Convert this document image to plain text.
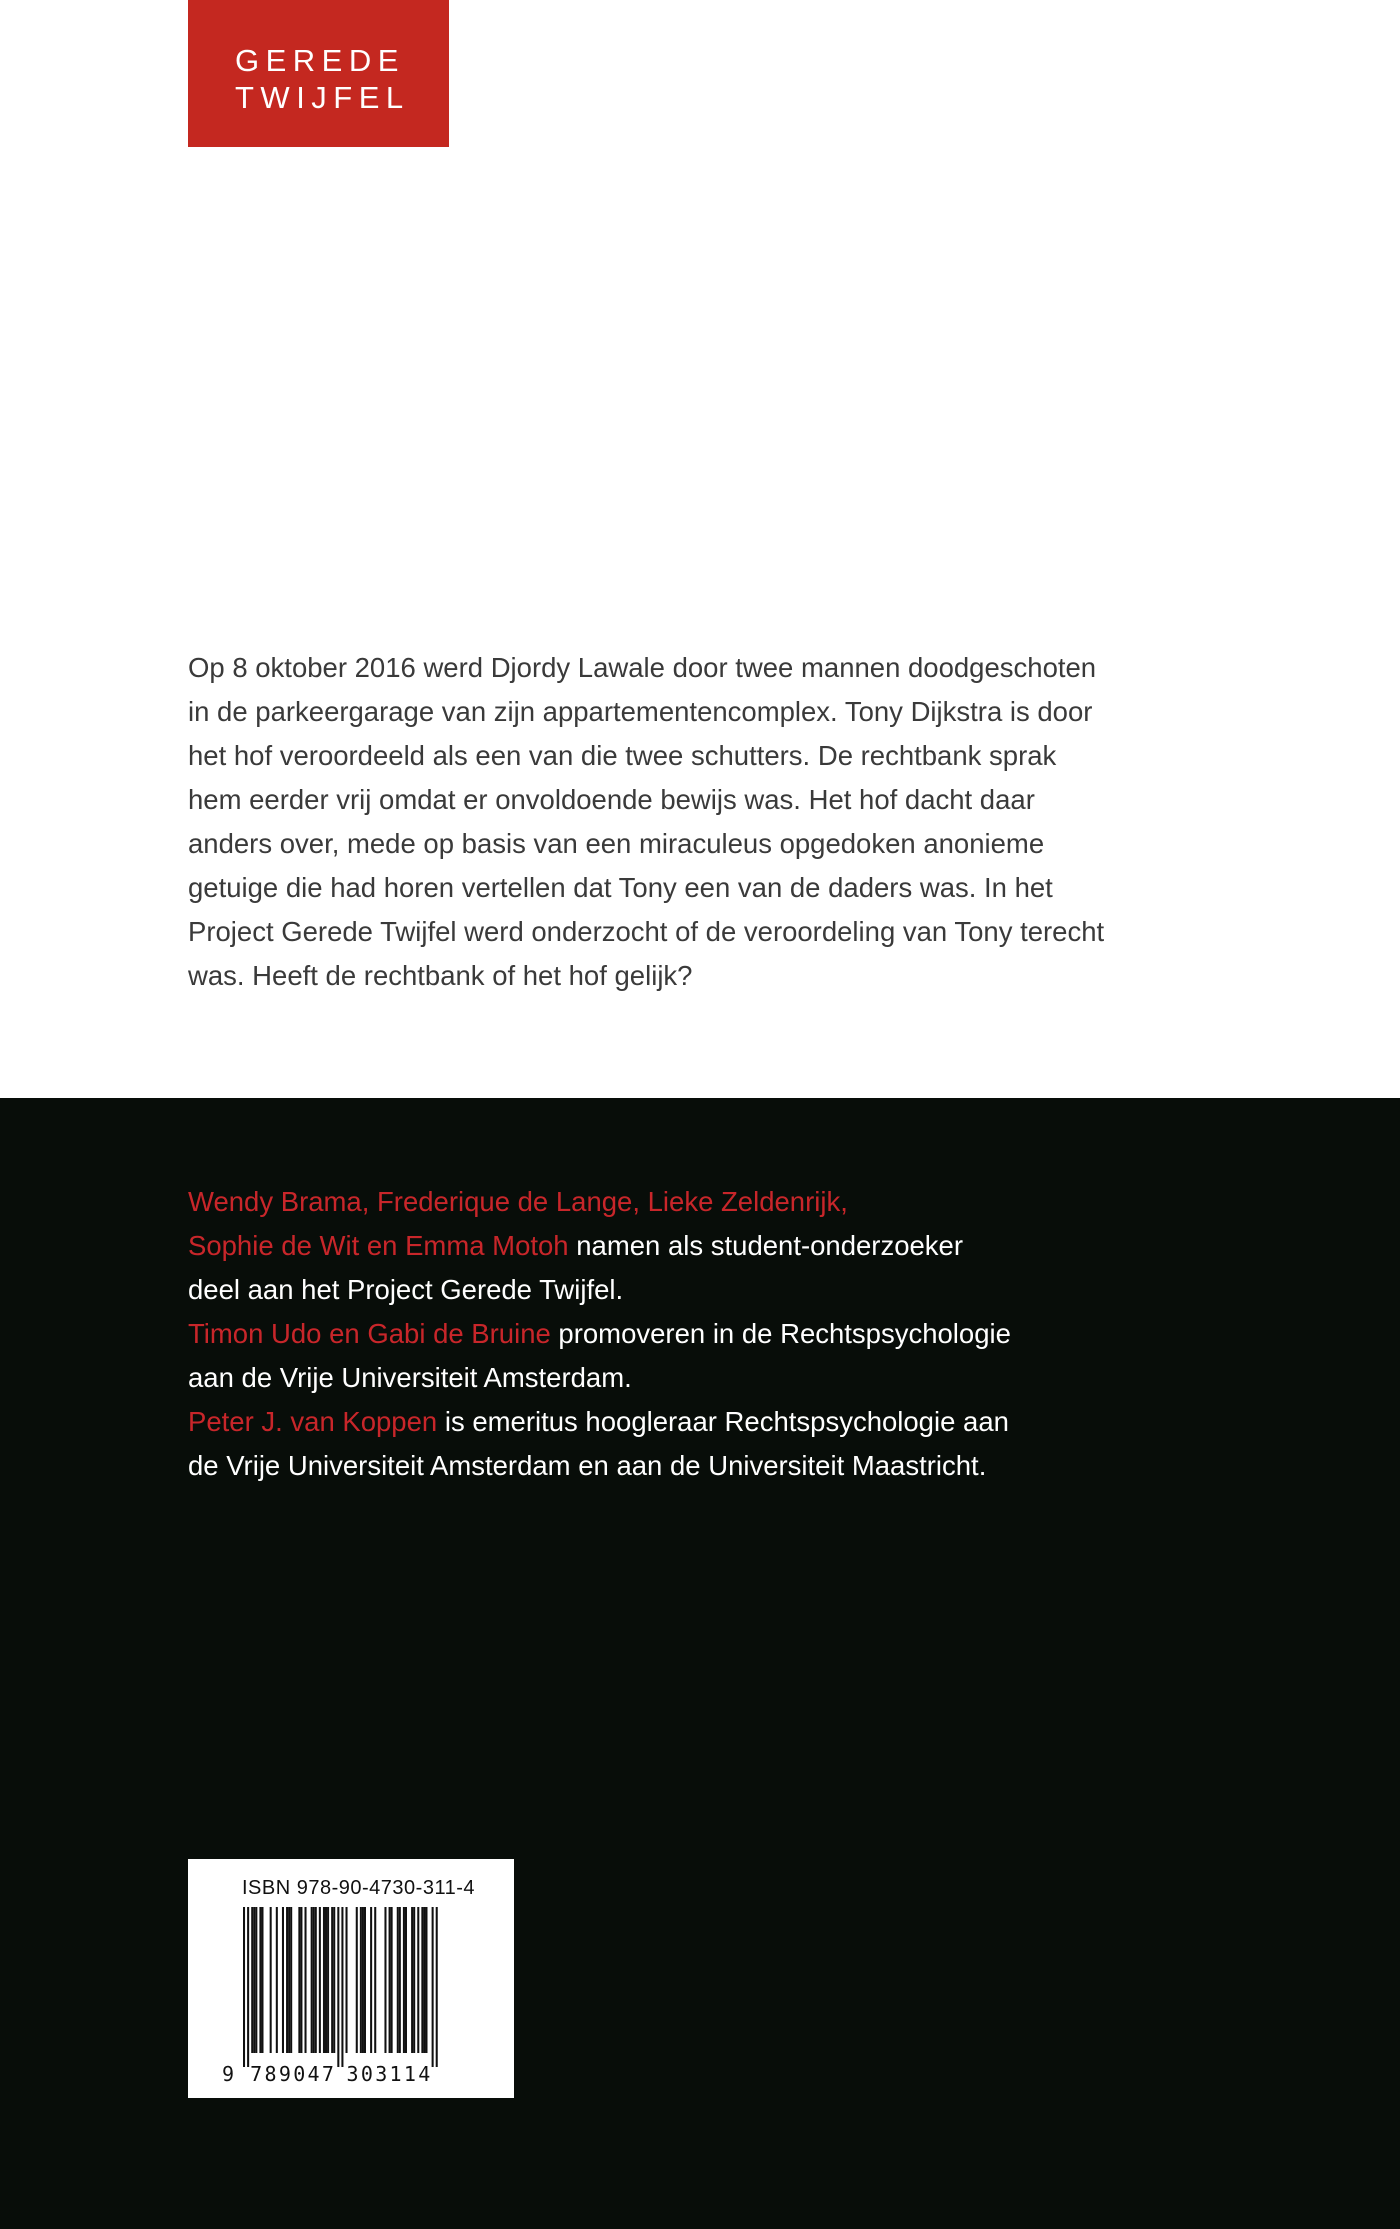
GEREDE
TWIJFEL
Op 8 oktober 2016 werd Djordy Lawale door twee mannen doodgeschoten
in de parkeergarage van zijn appartementencomplex. Tony Dijkstra is door
het hof veroordeeld als een van die twee schutters. De rechtbank sprak
hem eerder vrij omdat er onvoldoende bewijs was. Het hof dacht daar
anders over, mede op basis van een miraculeus opgedoken anonieme
getuige die had horen vertellen dat Tony een van de daders was. In het
Project Gerede Twijfel werd onderzocht of de veroordeling van Tony terecht
was. Heeft de rechtbank of het hof gelijk?
Wendy Brama, Frederique de Lange, Lieke Zeldenrijk,
Sophie de Wit en Emma Motoh namen als student-onderzoeker
deel aan het Project Gerede Twijfel.
Timon Udo en Gabi de Bruine promoveren in de Rechtspsychologie
aan de Vrije Universiteit Amsterdam.
Peter J. van Koppen is emeritus hoogleraar Rechtspsychologie aan
de Vrije Universiteit Amsterdam en aan de Universiteit Maastricht.
9 7 8 9 0 4 7 3 0 3 1 1 4
ISBN 978-90-4730-311-4
